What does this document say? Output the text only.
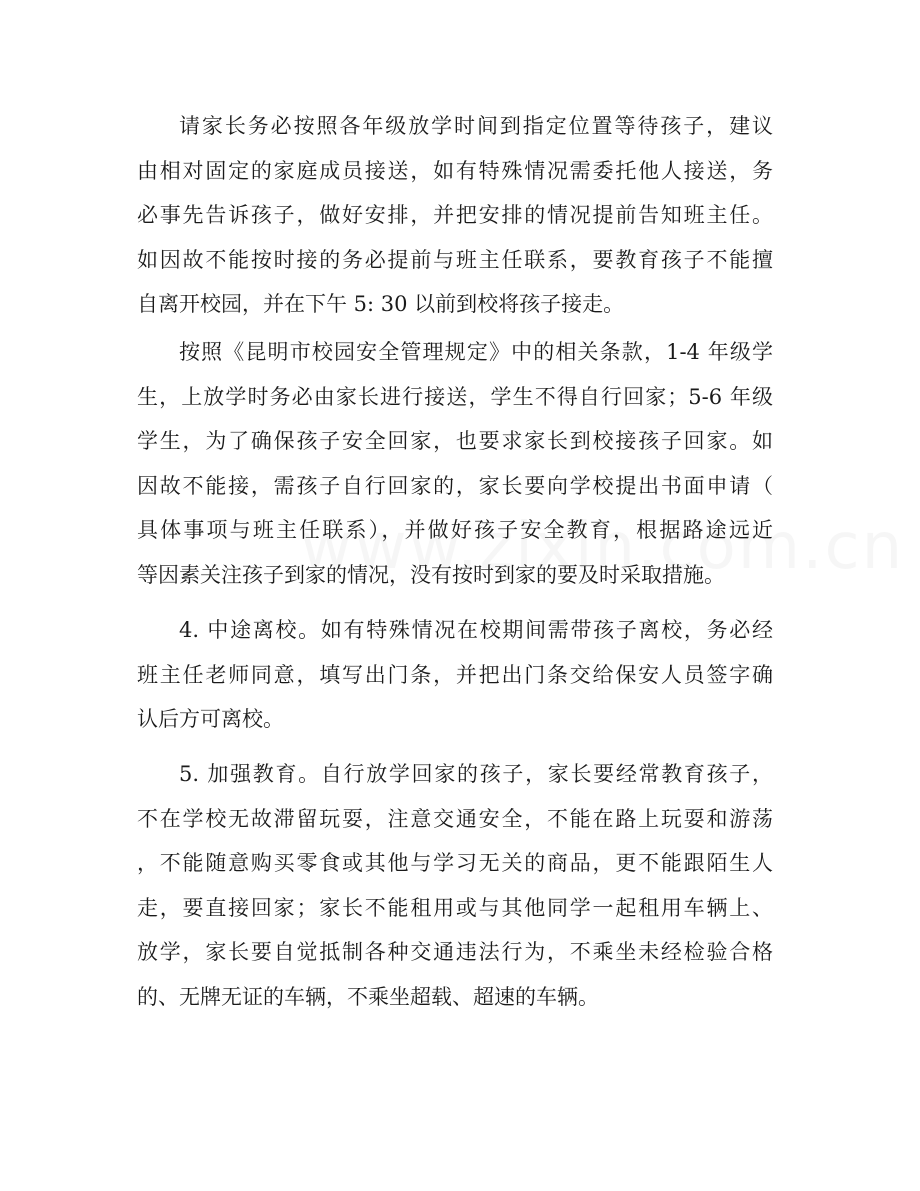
请家长务必按照各年级放学时间到指定位置等待孩子，建议
由相对固定的家庭成员接送，如有特殊情况需委托他人接送，务
必事先告诉孩子，做好安排，并把安排的情况提前告知班主任。
如因故不能按时接的务必提前与班主任联系，要教育孩子不能擅
自离开校园，并在下午 5: 30 以前到校将孩子接走。
按照《昆明市校园安全管理规定》中的相关条款，1-4 年级学
生，上放学时务必由家长进行接送，学生不得自行回家；5-6 年级
学生，为了确保孩子安全回家，也要求家长到校接孩子回家。如
因故不能接，需孩子自行回家的，家长要向学校提出书面申请（
具体事项与班主任联系），并做好孩子安全教育，根据路途远近
等因素关注孩子到家的情况，没有按时到家的要及时采取措施。
4. 中途离校。如有特殊情况在校期间需带孩子离校，务必经
班主任老师同意，填写出门条，并把出门条交给保安人员签字确
认后方可离校。
5. 加强教育。自行放学回家的孩子，家长要经常教育孩子，
不在学校无故滞留玩耍，注意交通安全，不能在路上玩耍和游荡
，不能随意购买零食或其他与学习无关的商品，更不能跟陌生人
走，要直接回家；家长不能租用或与其他同学一起租用车辆上、
放学，家长要自觉抵制各种交通违法行为，不乘坐未经检验合格
的、无牌无证的车辆，不乘坐超载、超速的车辆。
